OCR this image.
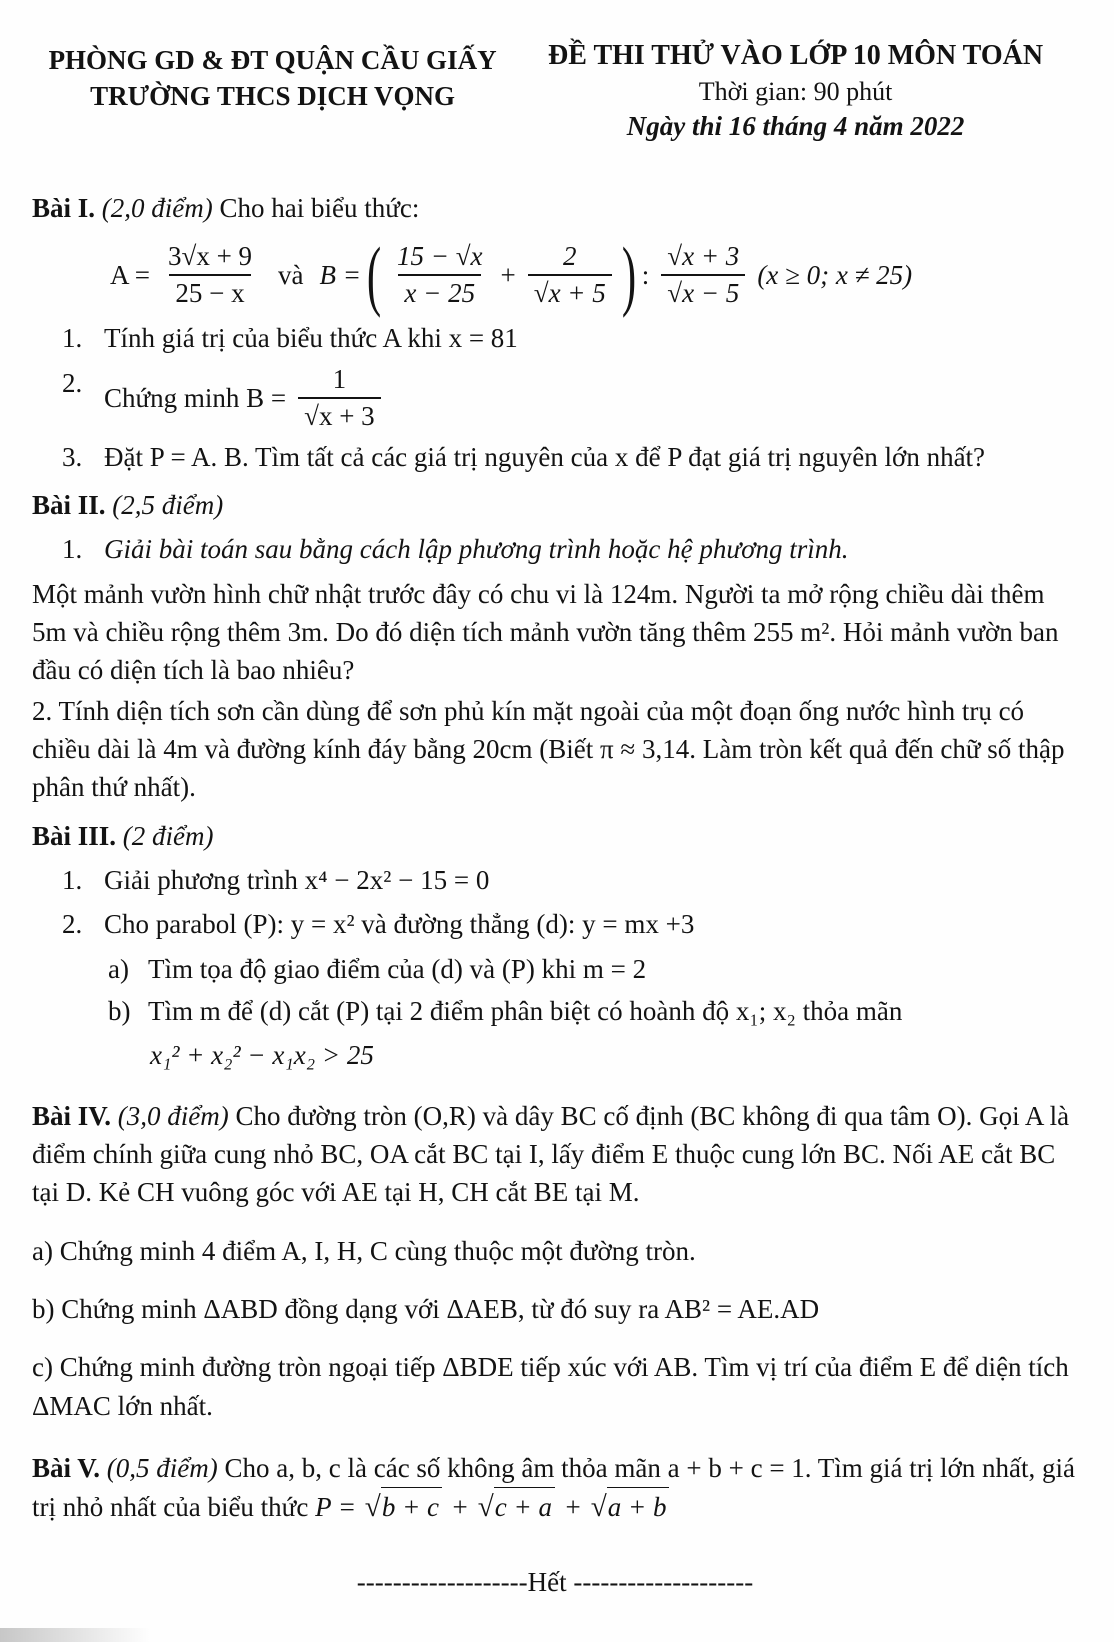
PHÒNG GD & ĐT QUẬN CẦU GIẤY
TRƯỜNG THCS DỊCH VỌNG
ĐỀ THI THỬ VÀO LỚP 10 MÔN TOÁN
Thời gian: 90 phút
Ngày thi 16 tháng 4 năm 2022

Bài I. (2,0 điểm) Cho hai biểu thức:

$A = \frac{3√x + 9}{25 - x}$ và B = ( $\frac{15 - √x}{x - 25} + \frac{2}{√x + 5}$ ) : $\frac{√x + 3}{√x - 5} (x \ge 0$; x ≠ 25)
1. Tính giá trị của biểu thức A khi x = 81
2. Chứng minh $B = \frac{1}{√x + 3}$
3. Đặt P = A. B. Tìm tất cả các giá trị nguyên của x để P đạt giá trị nguyên lớn nhất?

Bài II. (2,5 điểm)

1. Giải bài toán sau bằng cách lập phương trình hoặc hệ phương trình.

Một mảnh vườn hình chữ nhật trước đây có chu vi là 124m. Người ta mở rộng chiều dài thêm 5m và chiều rộng thêm 3m. Do đó diện tích mảnh vườn tăng thêm 255 m². Hỏi mảnh vườn ban đầu có diện tích là bao nhiêu?

2. Tính diện tích sơn cần dùng để sơn phủ kín mặt ngoài của một đoạn ống nước hình trụ có chiều dài là 4m và đường kính đáy bằng 20cm (Biết π ≈ 3,14. Làm tròn kết quả đến chữ số thập phân thứ nhất).

Bài III. (2 điểm)

1. Giải phương trình x⁴ − 2x² − 15 = 0
2. Cho parabol (P): y = x² và đường thẳng (d): y = mx +3
a) Tìm tọa độ giao điểm của (d) và (P) khi m = 2
b) Tìm m để (d) cắt (P) tại 2 điểm phân biệt có hoành độ x₁; x₂ thỏa mãn

x₁² + x₂² − x₁x₂ > 25

Bài IV. (3,0 điểm) Cho đường tròn (O,R) và dây BC cố định (BC không đi qua tâm O). Gọi A là điểm chính giữa cung nhỏ BC, OA cắt BC tại I, lấy điểm E thuộc cung lớn BC. Nối AE cắt BC tại D. Kẻ CH vuông góc với AE tại H, CH cắt BE tại M.

a) Chứng minh 4 điểm A, I, H, C cùng thuộc một đường tròn.

b) Chứng minh ΔABD đồng dạng với ΔAEB, từ đó suy ra AB² = AE.AD

c) Chứng minh đường tròn ngoại tiếp ΔBDE tiếp xúc với AB. Tìm vị trí của điểm E để diện tích ΔMAC lớn nhất.

Bài V. (0,5 điểm) Cho a, b, c là các số không âm thỏa mãn a + b + c = 1. Tìm giá trị lớn nhất, giá trị nhỏ nhất của biểu thức P = √b + c + √c + a + √a + b

-------------------Hết --------------------
